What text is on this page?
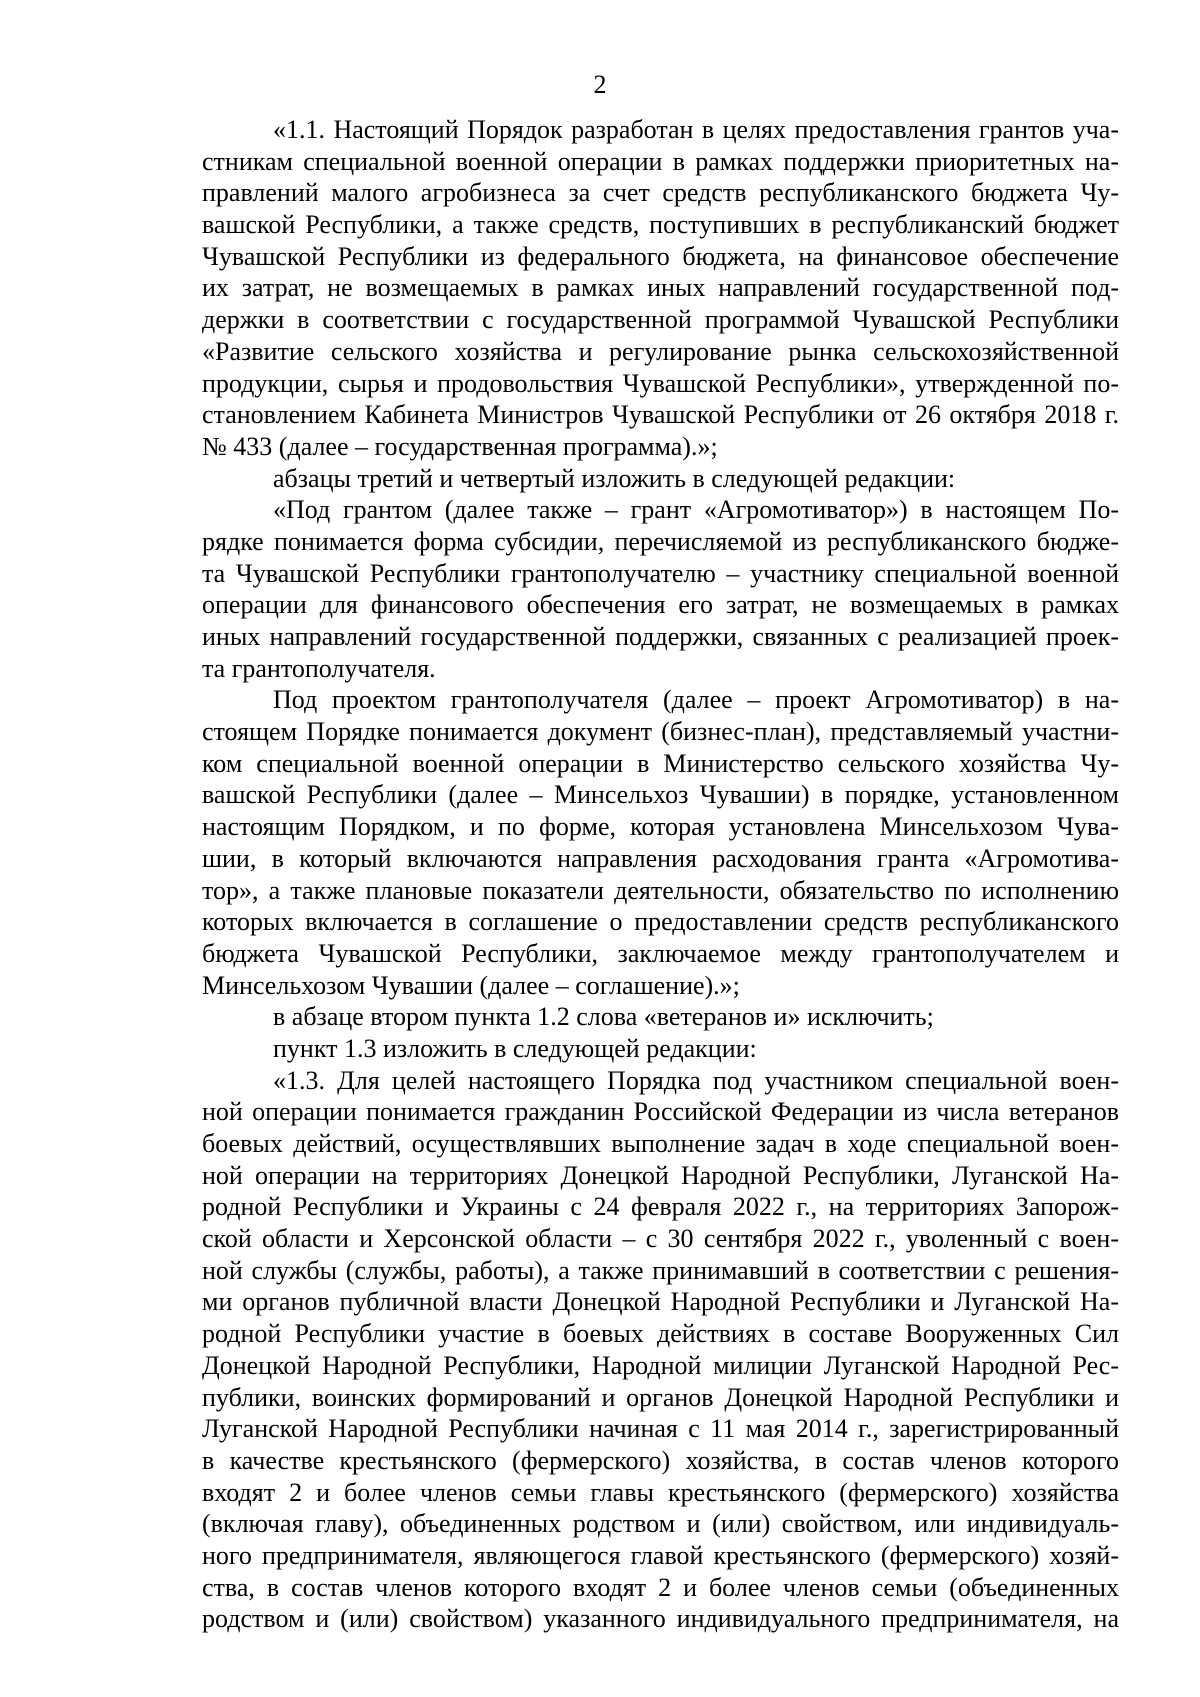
2
«1.1. Настоящий Порядок разработан в целях предоставления грантов уча-
стникам специальной военной операции в рамках поддержки приоритетных на-
правлений малого агробизнеса за счет средств республиканского бюджета Чу-
вашской Республики, а также средств, поступивших в республиканский бюджет
Чувашской Республики из федерального бюджета, на финансовое обеспечение
их затрат, не возмещаемых в рамках иных направлений государственной под-
держки в соответствии с государственной программой Чувашской Республики
«Развитие сельского хозяйства и регулирование рынка сельскохозяйственной
продукции, сырья и продовольствия Чувашской Республики», утвержденной по-
становлением Кабинета Министров Чувашской Республики от 26 октября 2018 г.
№ 433 (далее – государственная программа).»;
абзацы третий и четвертый изложить в следующей редакции:
«Под грантом (далее также – грант «Агромотиватор») в настоящем По-
рядке понимается форма субсидии, перечисляемой из республиканского бюдже-
та Чувашской Республики грантополучателю – участнику специальной военной
операции для финансового обеспечения его затрат, не возмещаемых в рамках
иных направлений государственной поддержки, связанных с реализацией проек-
та грантополучателя.
Под проектом грантополучателя (далее – проект Агромотиватор) в на-
стоящем Порядке понимается документ (бизнес-план), представляемый участни-
ком специальной военной операции в Министерство сельского хозяйства Чу-
вашской Республики (далее – Минсельхоз Чувашии) в порядке, установленном
настоящим Порядком, и по форме, которая установлена Минсельхозом Чува-
шии, в который включаются направления расходования гранта «Агромотива-
тор», а также плановые показатели деятельности, обязательство по исполнению
которых включается в соглашение о предоставлении средств республиканского
бюджета Чувашской Республики, заключаемое между грантополучателем и
Минсельхозом Чувашии (далее – соглашение).»;
в абзаце втором пункта 1.2 слова «ветеранов и» исключить;
пункт 1.3 изложить в следующей редакции:
«1.3. Для целей настоящего Порядка под участником специальной воен-
ной операции понимается гражданин Российской Федерации из числа ветеранов
боевых действий, осуществлявших выполнение задач в ходе специальной воен-
ной операции на территориях Донецкой Народной Республики, Луганской На-
родной Республики и Украины с 24 февраля 2022 г., на территориях Запорож-
ской области и Херсонской области – с 30 сентября 2022 г., уволенный с воен-
ной службы (службы, работы), а также принимавший в соответствии с решения-
ми органов публичной власти Донецкой Народной Республики и Луганской На-
родной Республики участие в боевых действиях в составе Вооруженных Сил
Донецкой Народной Республики, Народной милиции Луганской Народной Рес-
публики, воинских формирований и органов Донецкой Народной Республики и
Луганской Народной Республики начиная с 11 мая 2014 г., зарегистрированный
в качестве крестьянского (фермерского) хозяйства, в состав членов которого
входят 2 и более членов семьи главы крестьянского (фермерского) хозяйства
(включая главу), объединенных родством и (или) свойством, или индивидуаль-
ного предпринимателя, являющегося главой крестьянского (фермерского) хозяй-
ства, в состав членов которого входят 2 и более членов семьи (объединенных
родством и (или) свойством) указанного индивидуального предпринимателя, на
